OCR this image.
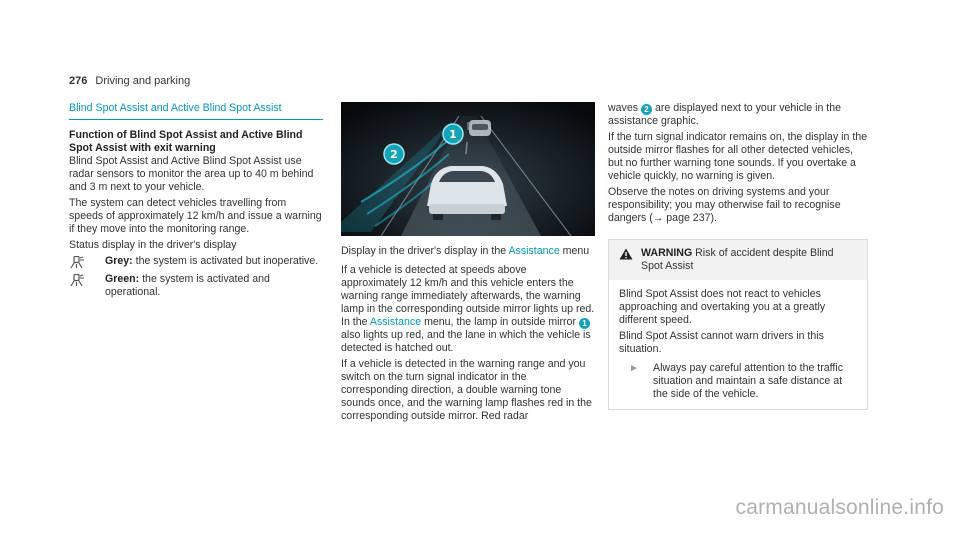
276 Driving and parking
Blind Spot Assist and Active Blind Spot Assist

Function of Blind Spot Assist and Active Blind Spot Assist with exit warning

Blind Spot Assist and Active Blind Spot Assist use radar sensors to monitor the area up to 40 m behind and 3 m next to your vehicle.

The system can detect vehicles travelling from speeds of approximately 12 km/h and issue a warning if they move into the monitoring range.

Status display in the driver's display

Grey: the system is activated but inoperative.
Green: the system is activated and operational.
1
2

Display in the driver's display in the Assistance menu

If a vehicle is detected at speeds above approximately 12 km/h and this vehicle enters the warning range immediately afterwards, the warning lamp in the corresponding outside mirror lights up red. In the Assistance menu, the lamp in outside mirror 1 also lights up red, and the lane in which the vehicle is detected is hatched out.

If a vehicle is detected in the warning range and you switch on the turn signal indicator in the corresponding direction, a double warning tone sounds once, and the warning lamp flashes red in the corresponding outside mirror. Red radar

waves 2 are displayed next to your vehicle in the assistance graphic.

If the turn signal indicator remains on, the display in the outside mirror flashes for all other detected vehicles, but no further warning tone sounds. If you overtake a vehicle quickly, no warning is given.

Observe the notes on driving systems and your responsibility; you may otherwise fail to recognise dangers (→ page 237).

WARNING Risk of accident despite Blind Spot Assist

Blind Spot Assist does not react to vehicles approaching and overtaking you at a greatly different speed.

Blind Spot Assist cannot warn drivers in this situation.

►	Always pay careful attention to the traffic situation and maintain a safe distance at the side of the vehicle.
carmanualsonline.info
